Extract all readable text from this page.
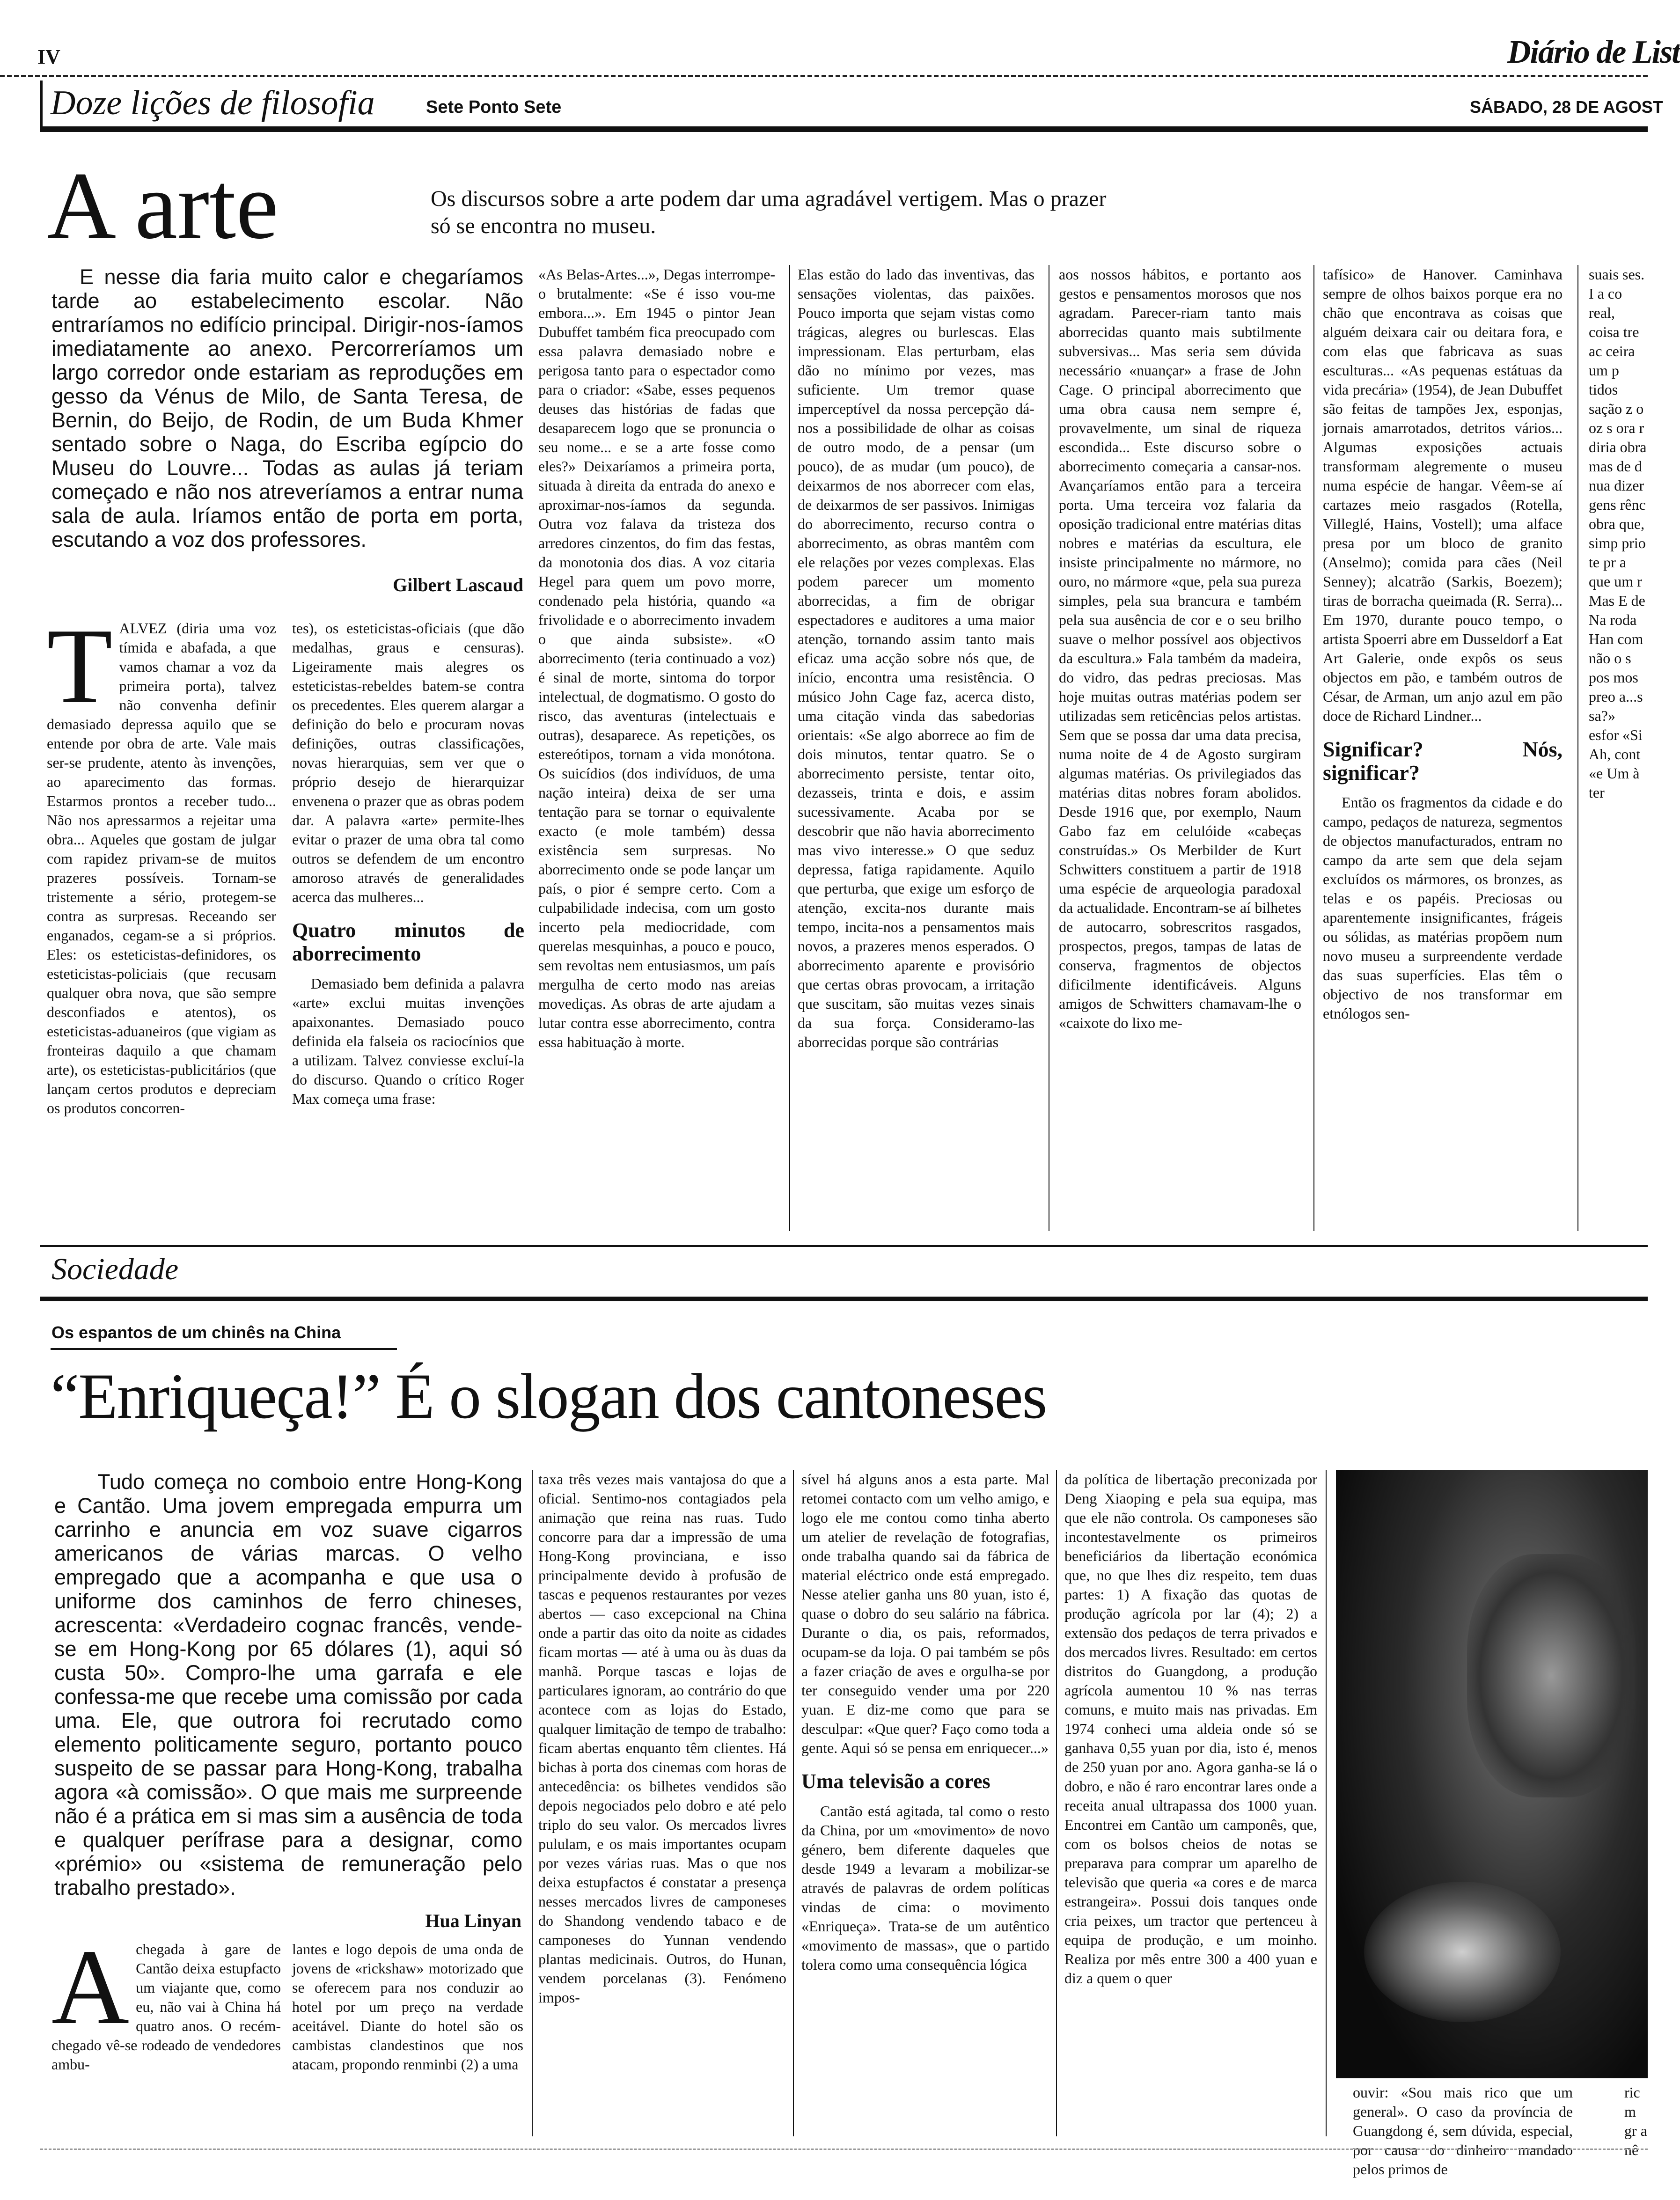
IV	Diário de List
Doze lições de filosofia	Sete Ponto Sete	SÁBADO, 28 DE AGOST
A arte	Os discursos sobre a arte podem dar uma agradável vertigem. Mas o prazer só se encontra no museu.
E nesse dia faria muito calor e chegaríamos tarde ao estabelecimento escolar. Não entraríamos no edifício principal. Dirigir-nos-íamos imediatamente ao anexo. Percorreríamos um largo corredor onde estariam as reproduções em gesso da Vénus de Milo, de Santa Teresa, de Bernin, do Beijo, de Rodin, de um Buda Khmer sentado sobre o Naga, do Escriba egípcio do Museu do Louvre... Todas as aulas já teriam começado e não nos atreveríamos a entrar numa sala de aula. Iríamos então de porta em porta, escutando a voz dos professores.
Gilbert Lascaud
TALVEZ (diria uma voz tímida e abafada, a que vamos chamar a voz da primeira porta), talvez não convenha definir demasiado depressa aquilo que se entende por obra de arte. Vale mais ser-se prudente, atento às invenções, ao aparecimento das formas. Estarmos prontos a receber tudo... Não nos apressarmos a rejeitar uma obra... Aqueles que gostam de julgar com rapidez privam-se de muitos prazeres possíveis. Tornam-se tristemente a sério, protegem-se contra as surpresas. Receando ser enganados, cegam-se a si próprios. Eles: os esteticistas-definidores, os esteticistas-policiais (que recusam qualquer obra nova, que são sempre desconfiados e atentos), os esteticistas-aduaneiros (que vigiam as fronteiras daquilo a que chamam arte), os esteticistas-publicitários (que lançam certos produtos e depreciam os produtos concorren-

tes), os esteticistas-oficiais (que dão medalhas, graus e censuras). Ligeiramente mais alegres os esteticistas-rebeldes batem-se contra os precedentes. Eles querem alargar a definição do belo e procuram novas definições, outras classificações, novas hierarquias, sem ver que o próprio desejo de hierarquizar envenena o prazer que as obras podem dar. A palavra «arte» permite-lhes evitar o prazer de uma obra tal como outros se defendem de um encontro amoroso através de generalidades acerca das mulheres...

Quatro minutos de aborrecimento

Demasiado bem definida a palavra «arte» exclui muitas invenções apaixonantes. Demasiado pouco definida ela falseia os raciocínios que a utilizam. Talvez conviesse excluí-la do discurso. Quando o crítico Roger Max começa uma frase:

«As Belas-Artes...», Degas interrompe-o brutalmente: «Se é isso vou-me embora...». Em 1945 o pintor Jean Dubuffet também fica preocupado com essa palavra demasiado nobre e perigosa tanto para o espectador como para o criador: «Sabe, esses pequenos deuses das histórias de fadas que desaparecem logo que se pronuncia o seu nome... e se a arte fosse como eles?» Deixaríamos a primeira porta, situada à direita da entrada do anexo e aproximar-nos-íamos da segunda. Outra voz falava da tristeza dos arredores cinzentos, do fim das festas, da monotonia dos dias. A voz citaria Hegel para quem um povo morre, condenado pela história, quando «a frivolidade e o aborrecimento invadem o que ainda subsiste». «O aborrecimento (teria continuado a voz) é sinal de morte, sintoma do torpor intelectual, de dogmatismo. O gosto do risco, das aventuras (intelectuais e outras), desaparece. As repetições, os estereótipos, tornam a vida monótona. Os suicídios (dos indivíduos, de uma nação inteira) deixa de ser uma tentação para se tornar o equivalente exacto (e mole também) dessa existência sem surpresas. No aborrecimento onde se pode lançar um país, o pior é sempre certo. Com a culpabilidade indecisa, com um gosto incerto pela mediocridade, com querelas mesquinhas, a pouco e pouco, sem revoltas nem entusiasmos, um país mergulha de certo modo nas areias movediças. As obras de arte ajudam a lutar contra esse aborrecimento, contra essa habituação à morte.
Elas estão do lado das inventivas, das sensações violentas, das paixões. Pouco importa que sejam vistas como trágicas, alegres ou burlescas. Elas impressionam. Elas perturbam, elas dão no mínimo por vezes, mas suficiente. Um tremor quase imperceptível da nossa percepção dá-nos a possibilidade de olhar as coisas de outro modo, de a pensar (um pouco), de as mudar (um pouco), de deixarmos de nos aborrecer com elas, de deixarmos de ser passivos. Inimigas do aborrecimento, recurso contra o aborrecimento, as obras mantêm com ele relações por vezes complexas. Elas podem parecer um momento aborrecidas, a fim de obrigar espectadores e auditores a uma maior atenção, tornando assim tanto mais eficaz uma acção sobre nós que, de início, encontra uma resistência. O músico John Cage faz, acerca disto, uma citação vinda das sabedorias orientais: «Se algo aborrece ao fim de dois minutos, tentar quatro. Se o aborrecimento persiste, tentar oito, dezasseis, trinta e dois, e assim sucessivamente. Acaba por se descobrir que não havia aborrecimento mas vivo interesse.» O que seduz depressa, fatiga rapidamente. Aquilo que perturba, que exige um esforço de atenção, excita-nos durante mais tempo, incita-nos a pensamentos mais novos, a prazeres menos esperados. O aborrecimento aparente e provisório que certas obras provocam, a irritação que suscitam, são muitas vezes sinais da sua força. Consideramo-las aborrecidas porque são contrárias
aos nossos hábitos, e portanto aos gestos e pensamentos morosos que nos agradam. Parecer-riam tanto mais aborrecidas quanto mais subtilmente subversivas... Mas seria sem dúvida necessário «nuançar» a frase de John Cage. O principal aborrecimento que uma obra causa nem sempre é, provavelmente, um sinal de riqueza escondida... Este discurso sobre o aborrecimento começaria a cansar-nos. Avançaríamos então para a terceira porta. Uma terceira voz falaria da oposição tradicional entre matérias ditas nobres e matérias da escultura, ele insiste principalmente no mármore, no ouro, no mármore «que, pela sua pureza simples, pela sua brancura e também pela sua ausência de cor e o seu brilho suave o melhor possível aos objectivos da escultura.» Fala também da madeira, do vidro, das pedras preciosas. Mas hoje muitas outras matérias podem ser utilizadas sem reticências pelos artistas. Sem que se possa dar uma data precisa, numa noite de 4 de Agosto surgiram algumas matérias. Os privilegiados das matérias ditas nobres foram abolidos. Desde 1916 que, por exemplo, Naum Gabo faz em celulóide «cabeças construídas.» Os Merbilder de Kurt Schwitters constituem a partir de 1918 uma espécie de arqueologia paradoxal da actualidade. Encontram-se aí bilhetes de autocarro, sobrescritos rasgados, prospectos, pregos, tampas de latas de conserva, fragmentos de objectos dificilmente identificáveis. Alguns amigos de Schwitters chamavam-lhe o «caixote do lixo me-

tafísico» de Hanover. Caminhava sempre de olhos baixos porque era no chão que encontrava as coisas que alguém deixara cair ou deitara fora, e com elas que fabricava as suas esculturas... «As pequenas estátuas da vida precária» (1954), de Jean Dubuffet são feitas de tampões Jex, esponjas, jornais amarrotados, detritos vários... Algumas exposições actuais transformam alegremente o museu numa espécie de hangar. Vêem-se aí cartazes meio rasgados (Rotella, Villeglé, Hains, Vostell); uma alface presa por um bloco de granito (Anselmo); comida para cães (Neil Senney); alcatrão (Sarkis, Boezem); tiras de borracha queimada (R. Serra)... Em 1970, durante pouco tempo, o artista Spoerri abre em Dusseldorf a Eat Art Galerie, onde expôs os seus objectos em pão, e também outros de César, de Arman, um anjo azul em pão doce de Richard Lindner...

Significar? Nós, significar?

Então os fragmentos da cidade e do campo, pedaços de natureza, segmentos de objectos manufacturados, entram no campo da arte sem que dela sejam excluídos os mármores, os bronzes, as telas e os papéis. Preciosas ou aparentemente insignificantes, frágeis ou sólidas, as matérias propõem num novo museu a surpreendente verdade das suas superfícies. Elas têm o objectivo de nos transformar em etnólogos sen-

suais ses. I a co real, coisa tre ac ceira um p tidos sação z o oz s ora r diria obra mas de d nua dizer gens rênc obra que, simp prio te pr a que um r Mas E de Na roda Han com não o s pos mos preo a...s sa?» esfor «Si Ah, cont «e Um à ter
Sociedade
Os espantos de um chinês na China
“Enriqueça!” É o slogan dos cantoneses
Tudo começa no comboio entre Hong-Kong e Cantão. Uma jovem empregada empurra um carrinho e anuncia em voz suave cigarros americanos de várias marcas. O velho empregado que a acompanha e que usa o uniforme dos caminhos de ferro chineses, acrescenta: «Verdadeiro cognac francês, vende-se em Hong-Kong por 65 dólares (1), aqui só custa 50». Compro-lhe uma garrafa e ele confessa-me que recebe uma comissão por cada uma. Ele, que outrora foi recrutado como elemento politicamente seguro, portanto pouco suspeito de se passar para Hong-Kong, trabalha agora «à comissão». O que mais me surpreende não é a prática em si mas sim a ausência de toda e qualquer perífrase para a designar, como «prémio» ou «sistema de remuneração pelo trabalho prestado».
Hua Linyan
Achegada à gare de Cantão deixa estupfacto um viajante que, como eu, não vai à China há quatro anos. O recém-chegado vê-se rodeado de vendedores ambu-
lantes e logo depois de uma onda de jovens de «rickshaw» motorizado que se oferecem para nos conduzir ao hotel por um preço na verdade aceitável. Diante do hotel são os cambistas clandestinos que nos atacam, propondo renminbi (2) a uma
taxa três vezes mais vantajosa do que a oficial. Sentimo-nos contagiados pela animação que reina nas ruas. Tudo concorre para dar a impressão de uma Hong-Kong provinciana, e isso principalmente devido à profusão de tascas e pequenos restaurantes por vezes abertos — caso excepcional na China onde a partir das oito da noite as cidades ficam mortas — até à uma ou às duas da manhã. Porque tascas e lojas de particulares ignoram, ao contrário do que acontece com as lojas do Estado, qualquer limitação de tempo de trabalho: ficam abertas enquanto têm clientes. Há bichas à porta dos cinemas com horas de antecedência: os bilhetes vendidos são depois negociados pelo dobro e até pelo triplo do seu valor. Os mercados livres pululam, e os mais importantes ocupam por vezes várias ruas. Mas o que nos deixa estupfactos é constatar a presença nesses mercados livres de camponeses do Shandong vendendo tabaco e de camponeses do Yunnan vendendo plantas medicinais. Outros, do Hunan, vendem porcelanas (3). Fenómeno impos-

sível há alguns anos a esta parte. Mal retomei contacto com um velho amigo, e logo ele me contou como tinha aberto um atelier de revelação de fotografias, onde trabalha quando sai da fábrica de material eléctrico onde está empregado. Nesse atelier ganha uns 80 yuan, isto é, quase o dobro do seu salário na fábrica. Durante o dia, os pais, reformados, ocupam-se da loja. O pai também se pôs a fazer criação de aves e orgulha-se por ter conseguido vender uma por 220 yuan. E diz-me como que para se desculpar: «Que quer? Faço como toda a gente. Aqui só se pensa em enriquecer...»

Uma televisão a cores

Cantão está agitada, tal como o resto da China, por um «movimento» de novo género, bem diferente daqueles que desde 1949 a levaram a mobilizar-se através de palavras de ordem políticas vindas de cima: o movimento «Enriqueça». Trata-se de um autêntico «movimento de massas», que o partido tolera como uma consequência lógica

da política de libertação preconizada por Deng Xiaoping e pela sua equipa, mas que ele não controla. Os camponeses são incontestavelmente os primeiros beneficiários da libertação económica que, no que lhes diz respeito, tem duas partes: 1) A fixação das quotas de produção agrícola por lar (4); 2) a extensão dos pedaços de terra privados e dos mercados livres. Resultado: em certos distritos do Guangdong, a produção agrícola aumentou 10 % nas terras comuns, e muito mais nas privadas. Em 1974 conheci uma aldeia onde só se ganhava 0,55 yuan por dia, isto é, menos de 250 yuan por ano. Agora ganha-se lá o dobro, e não é raro encontrar lares onde a receita anual ultrapassa dos 1000 yuan. Encontrei em Cantão um camponês, que, com os bolsos cheios de notas se preparava para comprar um aparelho de televisão que queria «a cores e de marca estrangeira». Possui dois tanques onde cria peixes, um tractor que pertenceu à equipa de produção, e um moinho. Realiza por mês entre 300 a 400 yuan e diz a quem o quer
ouvir: «Sou mais rico que um general». O caso da província de Guangdong é, sem dúvida, especial, por causa do dinheiro mandado pelos primos de
ric m gr a nê
